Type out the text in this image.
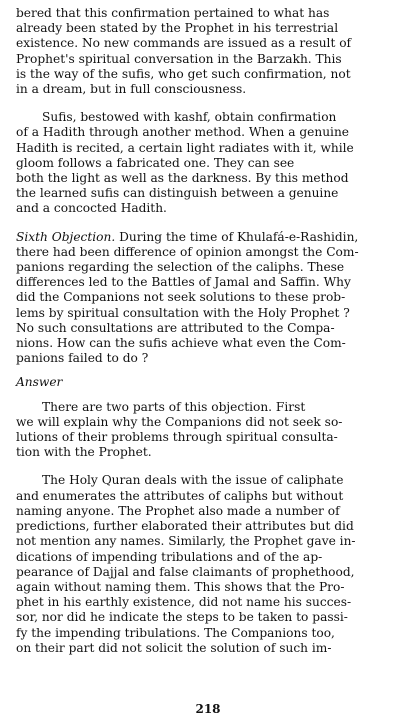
bered that this confirmation pertained to what has
already been stated by the Prophet in his terrestrial
existence. No new commands are issued as a result of
Prophet's spiritual conversation in the Barzakh. This
is the way of the sufis, who get such confirmation, not
in a dream, but in full consciousness.

Sufis, bestowed with kashf, obtain confirmation
of a Hadith through another method. When a genuine
Hadith is recited, a certain light radiates with it, while
gloom follows a fabricated one. They can see
both the light as well as the darkness. By this method
the learned sufis can distinguish between a genuine
and a concocted Hadith.

Sixth Objection. During the time of Khulafá-e-Rashidin,
there had been difference of opinion amongst the Com-
panions regarding the selection of the caliphs. These
differences led to the Battles of Jamal and Saffin. Why
did the Companions not seek solutions to these prob-
lems by spiritual consultation with the Holy Prophet ?
No such consultations are attributed to the Compa-
nions. How can the sufis achieve what even the Com-
panions failed to do ?

Answer

There are two parts of this objection. First
we will explain why the Companions did not seek so-
lutions of their problems through spiritual consulta-
tion with the Prophet.

The Holy Quran deals with the issue of caliphate
and enumerates the attributes of caliphs but without
naming anyone. The Prophet also made a number of
predictions, further elaborated their attributes but did
not mention any names. Similarly, the Prophet gave in-
dications of impending tribulations and of the ap-
pearance of Dajjal and false claimants of prophethood,
again without naming them. This shows that the Pro-
phet in his earthly existence, did not name his succes-
sor, nor did he indicate the steps to be taken to passi-
fy the impending tribulations. The Companions too,
on their part did not solicit the solution of such im-

218
